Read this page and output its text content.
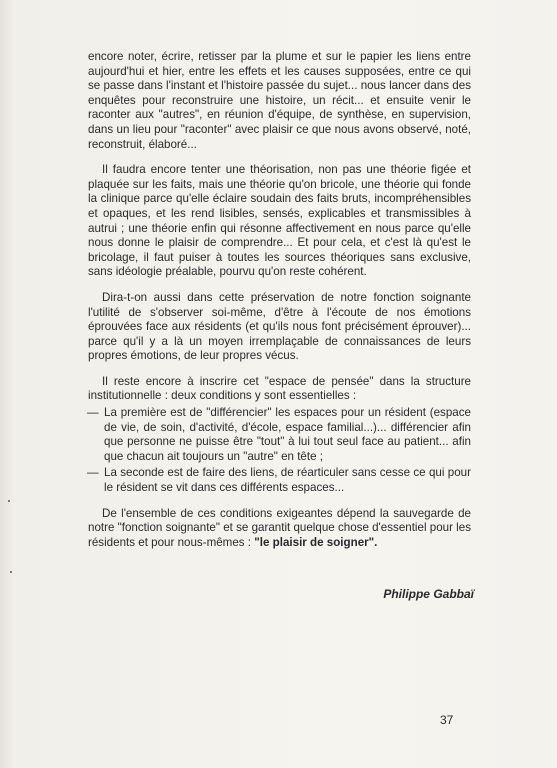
encore noter, écrire, retisser par la plume et sur le papier les liens entre aujourd'hui et hier, entre les effets et les causes supposées, entre ce qui se passe dans l'instant et l'histoire passée du sujet... nous lancer dans des enquêtes pour reconstruire une histoire, un récit... et ensuite venir le raconter aux "autres", en réunion d'équipe, de synthèse, en supervision, dans un lieu pour "raconter" avec plaisir ce que nous avons observé, noté, reconstruit, élaboré...

Il faudra encore tenter une théorisation, non pas une théorie figée et plaquée sur les faits, mais une théorie qu'on bricole, une théorie qui fonde la clinique parce qu'elle éclaire soudain des faits bruts, incompréhensibles et opaques, et les rend lisibles, sensés, explicables et transmissibles à autrui ; une théorie enfin qui résonne affectivement en nous parce qu'elle nous donne le plaisir de comprendre... Et pour cela, et c'est là qu'est le bricolage, il faut puiser à toutes les sources théoriques sans exclusive, sans idéologie préalable, pourvu qu'on reste cohérent.

Dira-t-on aussi dans cette préservation de notre fonction soignante l'utilité de s'observer soi-même, d'être à l'écoute de nos émotions éprouvées face aux résidents (et qu'ils nous font précisément éprouver)... parce qu'il y a là un moyen irremplaçable de connaissances de leurs propres émotions, de leur propres vécus.

Il reste encore à inscrire cet "espace de pensée" dans la structure institutionnelle : deux conditions y sont essentielles :

— La première est de "différencier" les espaces pour un résident (espace de vie, de soin, d'activité, d'école, espace familial...)... différencier afin que personne ne puisse être "tout" à lui tout seul face au patient... afin que chacun ait toujours un "autre" en tête ;

— La seconde est de faire des liens, de réarticuler sans cesse ce qui pour le résident se vit dans ces différents espaces...

De l'ensemble de ces conditions exigeantes dépend la sauvegarde de notre "fonction soignante" et se garantit quelque chose d'essentiel pour les résidents et pour nous-mêmes : "le plaisir de soigner".

Philippe Gabbaï
37
